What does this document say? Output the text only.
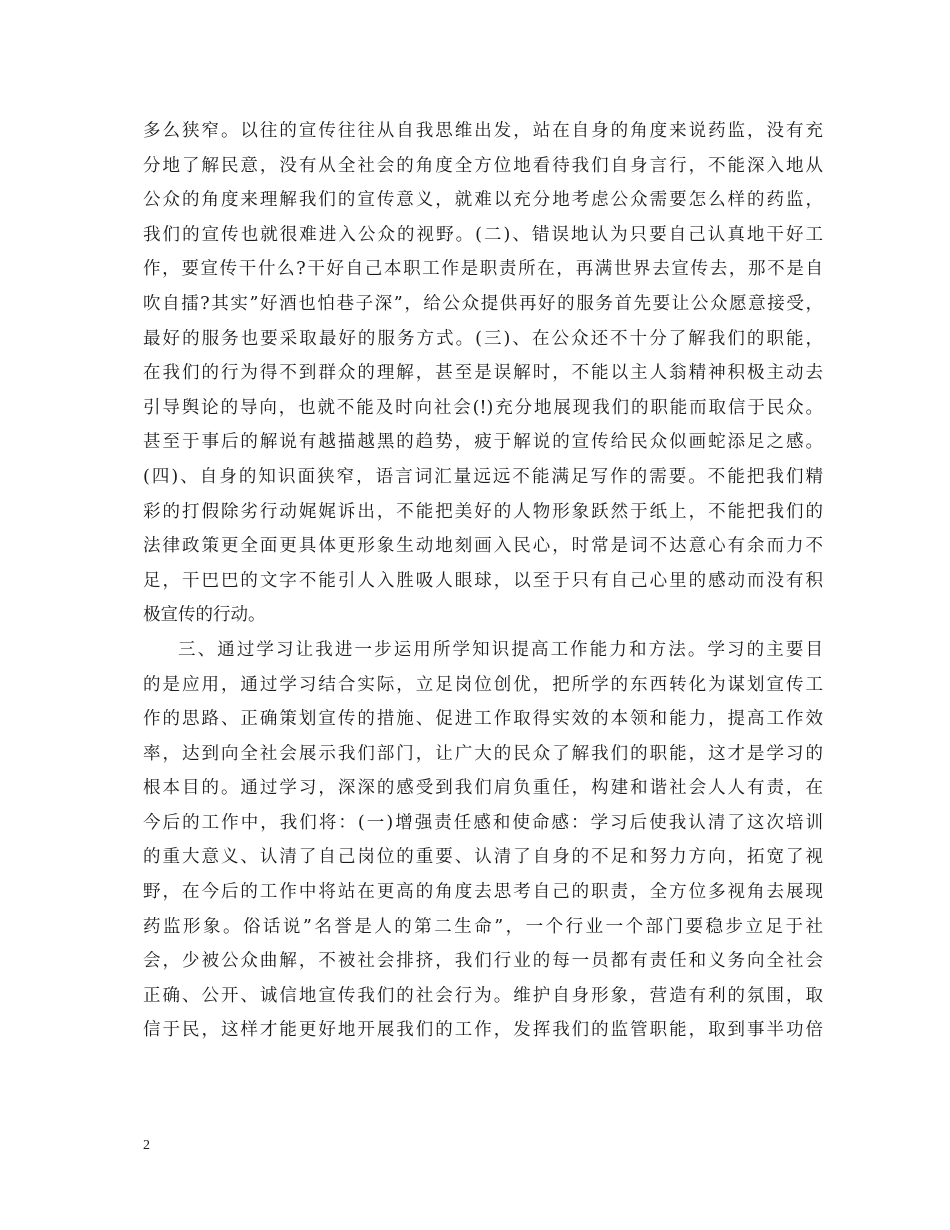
多么狭窄。以往的宣传往往从自我思维出发，站在自身的角度来说药监，没有充
分地了解民意，没有从全社会的角度全方位地看待我们自身言行，不能深入地从
公众的角度来理解我们的宣传意义，就难以充分地考虑公众需要怎么样的药监，
我们的宣传也就很难进入公众的视野。(二)、错误地认为只要自己认真地干好工
作，要宣传干什么?干好自己本职工作是职责所在，再满世界去宣传去，那不是自
吹自擂?其实”好酒也怕巷子深”，给公众提供再好的服务首先要让公众愿意接受，
最好的服务也要采取最好的服务方式。(三)、在公众还不十分了解我们的职能，
在我们的行为得不到群众的理解，甚至是误解时，不能以主人翁精神积极主动去
引导舆论的导向，也就不能及时向社会(!)充分地展现我们的职能而取信于民众。
甚至于事后的解说有越描越黑的趋势，疲于解说的宣传给民众似画蛇添足之感。
(四)、自身的知识面狭窄，语言词汇量远远不能满足写作的需要。不能把我们精
彩的打假除劣行动娓娓诉出，不能把美好的人物形象跃然于纸上，不能把我们的
法律政策更全面更具体更形象生动地刻画入民心，时常是词不达意心有余而力不
足，干巴巴的文字不能引人入胜吸人眼球，以至于只有自己心里的感动而没有积
极宣传的行动。
三、通过学习让我进一步运用所学知识提高工作能力和方法。学习的主要目
的是应用，通过学习结合实际，立足岗位创优，把所学的东西转化为谋划宣传工
作的思路、正确策划宣传的措施、促进工作取得实效的本领和能力，提高工作效
率，达到向全社会展示我们部门，让广大的民众了解我们的职能，这才是学习的
根本目的。通过学习，深深的感受到我们肩负重任，构建和谐社会人人有责，在
今后的工作中，我们将：(一)增强责任感和使命感：学习后使我认清了这次培训
的重大意义、认清了自己岗位的重要、认清了自身的不足和努力方向，拓宽了视
野，在今后的工作中将站在更高的角度去思考自己的职责，全方位多视角去展现
药监形象。俗话说”名誉是人的第二生命”，一个行业一个部门要稳步立足于社
会，少被公众曲解，不被社会排挤，我们行业的每一员都有责任和义务向全社会
正确、公开、诚信地宣传我们的社会行为。维护自身形象，营造有利的氛围，取
信于民，这样才能更好地开展我们的工作，发挥我们的监管职能，取到事半功倍
2
